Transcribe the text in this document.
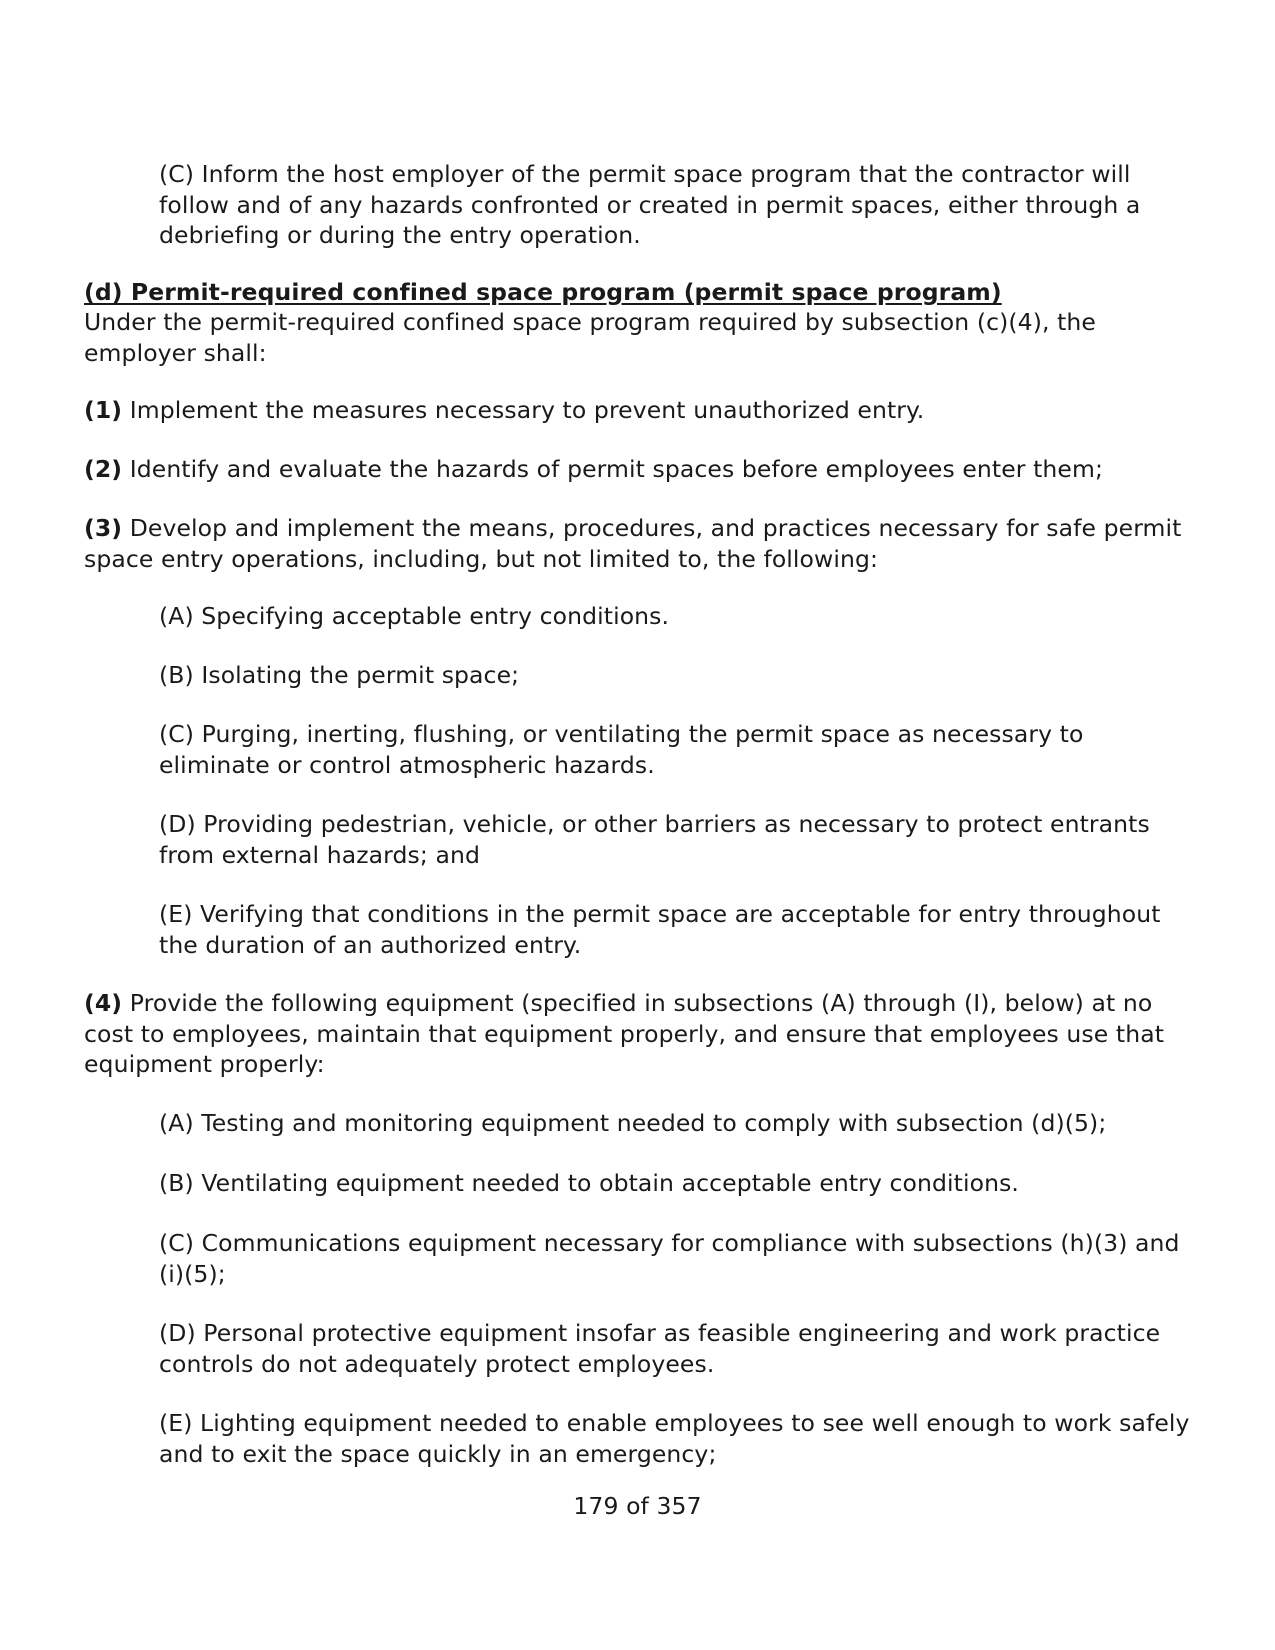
(C) Inform the host employer of the permit space program that the contractor will follow and of any hazards confronted or created in permit spaces, either through a debriefing or during the entry operation.

(d) Permit-required confined space program (permit space program)

Under the permit-required confined space program required by subsection (c)(4), the employer shall:

(1) Implement the measures necessary to prevent unauthorized entry.

(2) Identify and evaluate the hazards of permit spaces before employees enter them;

(3) Develop and implement the means, procedures, and practices necessary for safe permit space entry operations, including, but not limited to, the following:

(A) Specifying acceptable entry conditions.

(B) Isolating the permit space;

(C) Purging, inerting, flushing, or ventilating the permit space as necessary to eliminate or control atmospheric hazards.

(D) Providing pedestrian, vehicle, or other barriers as necessary to protect entrants from external hazards; and

(E) Verifying that conditions in the permit space are acceptable for entry throughout the duration of an authorized entry.

(4) Provide the following equipment (specified in subsections (A) through (I), below) at no cost to employees, maintain that equipment properly, and ensure that employees use that equipment properly:

(A) Testing and monitoring equipment needed to comply with subsection (d)(5);

(B) Ventilating equipment needed to obtain acceptable entry conditions.

(C) Communications equipment necessary for compliance with subsections (h)(3) and (i)(5);

(D) Personal protective equipment insofar as feasible engineering and work practice controls do not adequately protect employees.

(E) Lighting equipment needed to enable employees to see well enough to work safely and to exit the space quickly in an emergency;

179 of 357
